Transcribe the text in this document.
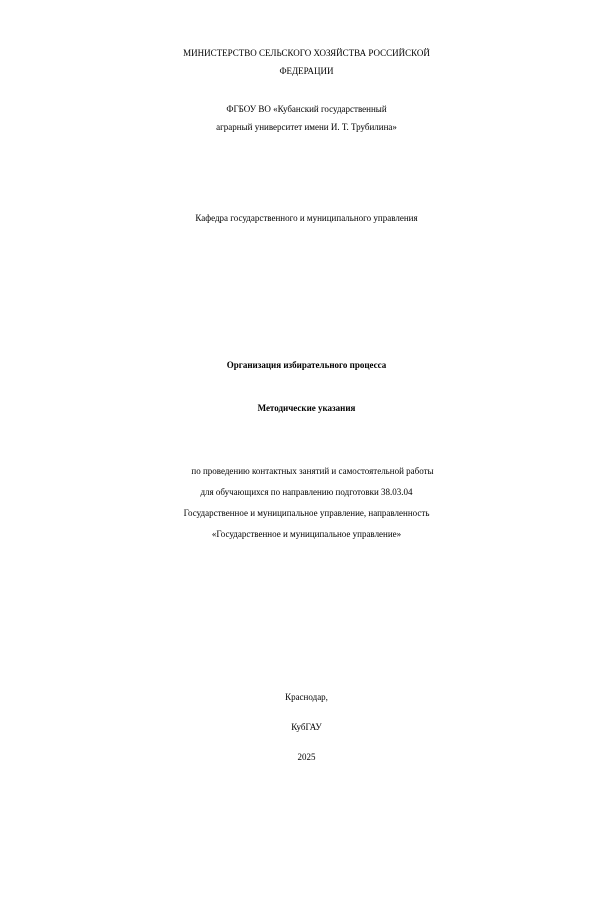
МИНИСТЕРСТВО СЕЛЬСКОГО ХОЗЯЙСТВА РОССИЙСКОЙ
ФЕДЕРАЦИИ
ФГБОУ ВО «Кубанский государственный
аграрный университет имени И. Т. Трубилина»
Кафедра государственного и муниципального управления
Организация избирательного процесса
Методические указания
по проведению контактных занятий и самостоятельной работы
для обучающихся по направлению подготовки 38.03.04
Государственное и муниципальное управление, направленность
«Государственное и муниципальное управление»
Краснодар,
КубГАУ
2025
